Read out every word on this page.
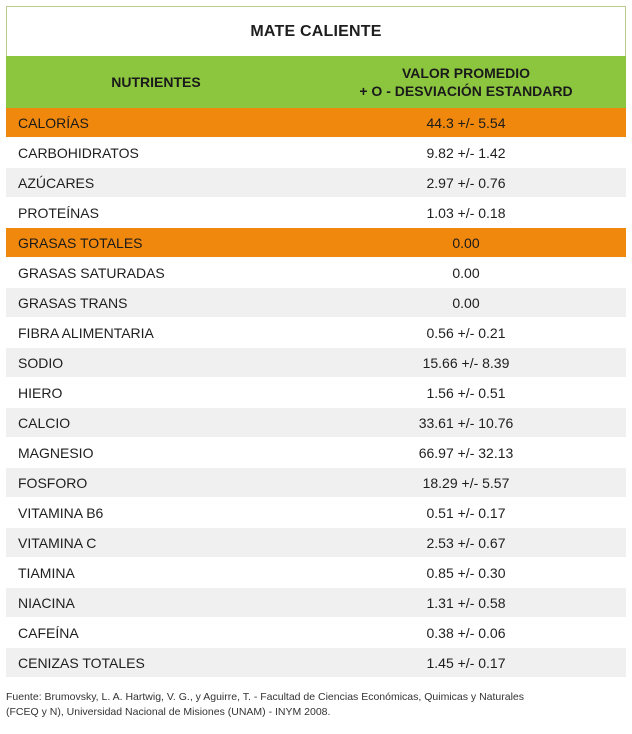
MATE CALIENTE
NUTRIENTES
VALOR PROMEDIO
+ O - DESVIACIÓN ESTANDARD
CALORÍAS	44.3 +/- 5.54
CARBOHIDRATOS	9.82 +/- 1.42
AZÚCARES	2.97 +/- 0.76
PROTEÍNAS	1.03 +/- 0.18
GRASAS TOTALES	0.00
GRASAS SATURADAS	0.00
GRASAS TRANS	0.00
FIBRA ALIMENTARIA	0.56 +/- 0.21
SODIO	15.66 +/- 8.39
HIERO	1.56 +/- 0.51
CALCIO	33.61 +/- 10.76
MAGNESIO	66.97 +/- 32.13
FOSFORO	18.29 +/- 5.57
VITAMINA B6	0.51 +/- 0.17
VITAMINA C	2.53 +/- 0.67
TIAMINA	0.85 +/- 0.30
NIACINA	1.31 +/- 0.58
CAFEÍNA	0.38 +/- 0.06
CENIZAS TOTALES	1.45 +/- 0.17
Fuente: Brumovsky, L. A. Hartwig, V. G., y Aguirre, T. - Facultad de Ciencias Económicas, Quimicas y Naturales
(FCEQ y N), Universidad Nacional de Misiones (UNAM) - INYM 2008.
